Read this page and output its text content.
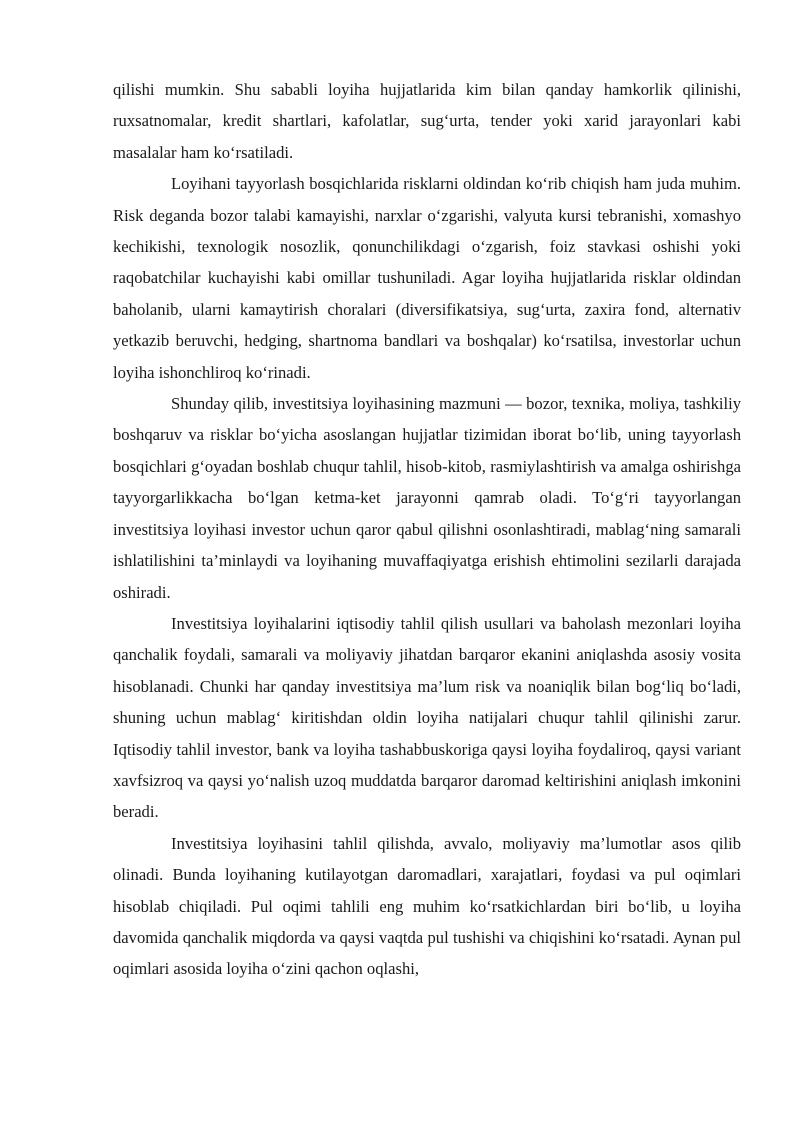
qilishi mumkin. Shu sababli loyiha hujjatlarida kim bilan qanday hamkorlik qilinishi, ruxsatnomalar, kredit shartlari, kafolatlar, sug‘urta, tender yoki xarid jarayonlari kabi masalalar ham ko‘rsatiladi.

Loyihani tayyorlash bosqichlarida risklarni oldindan ko‘rib chiqish ham juda muhim. Risk deganda bozor talabi kamayishi, narxlar o‘zgarishi, valyuta kursi tebranishi, xomashyo kechikishi, texnologik nosozlik, qonunchilikdagi o‘zgarish, foiz stavkasi oshishi yoki raqobatchilar kuchayishi kabi omillar tushuniladi. Agar loyiha hujjatlarida risklar oldindan baholanib, ularni kamaytirish choralari (diversifikatsiya, sug‘urta, zaxira fond, alternativ yetkazib beruvchi, hedging, shartnoma bandlari va boshqalar) ko‘rsatilsa, investorlar uchun loyiha ishonchliroq ko‘rinadi.

Shunday qilib, investitsiya loyihasining mazmuni — bozor, texnika, moliya, tashkiliy boshqaruv va risklar bo‘yicha asoslangan hujjatlar tizimidan iborat bo‘lib, uning tayyorlash bosqichlari g‘oyadan boshlab chuqur tahlil, hisob-kitob, rasmiylashtirish va amalga oshirishga tayyorgarlikkacha bo‘lgan ketma-ket jarayonni qamrab oladi. To‘g‘ri tayyorlangan investitsiya loyihasi investor uchun qaror qabul qilishni osonlashtiradi, mablag‘ning samarali ishlatilishini ta’minlaydi va loyihaning muvaffaqiyatga erishish ehtimolini sezilarli darajada oshiradi.

Investitsiya loyihalarini iqtisodiy tahlil qilish usullari va baholash mezonlari loyiha qanchalik foydali, samarali va moliyaviy jihatdan barqaror ekanini aniqlashda asosiy vosita hisoblanadi. Chunki har qanday investitsiya ma’lum risk va noaniqlik bilan bog‘liq bo‘ladi, shuning uchun mablag‘ kiritishdan oldin loyiha natijalari chuqur tahlil qilinishi zarur. Iqtisodiy tahlil investor, bank va loyiha tashabbuskoriga qaysi loyiha foydaliroq, qaysi variant xavfsizroq va qaysi yo‘nalish uzoq muddatda barqaror daromad keltirishini aniqlash imkonini beradi.

Investitsiya loyihasini tahlil qilishda, avvalo, moliyaviy ma’lumotlar asos qilib olinadi. Bunda loyihaning kutilayotgan daromadlari, xarajatlari, foydasi va pul oqimlari hisoblab chiqiladi. Pul oqimi tahlili eng muhim ko‘rsatkichlardan biri bo‘lib, u loyiha davomida qanchalik miqdorda va qaysi vaqtda pul tushishi va chiqishini ko‘rsatadi. Aynan pul oqimlari asosida loyiha o‘zini qachon oqlashi,
